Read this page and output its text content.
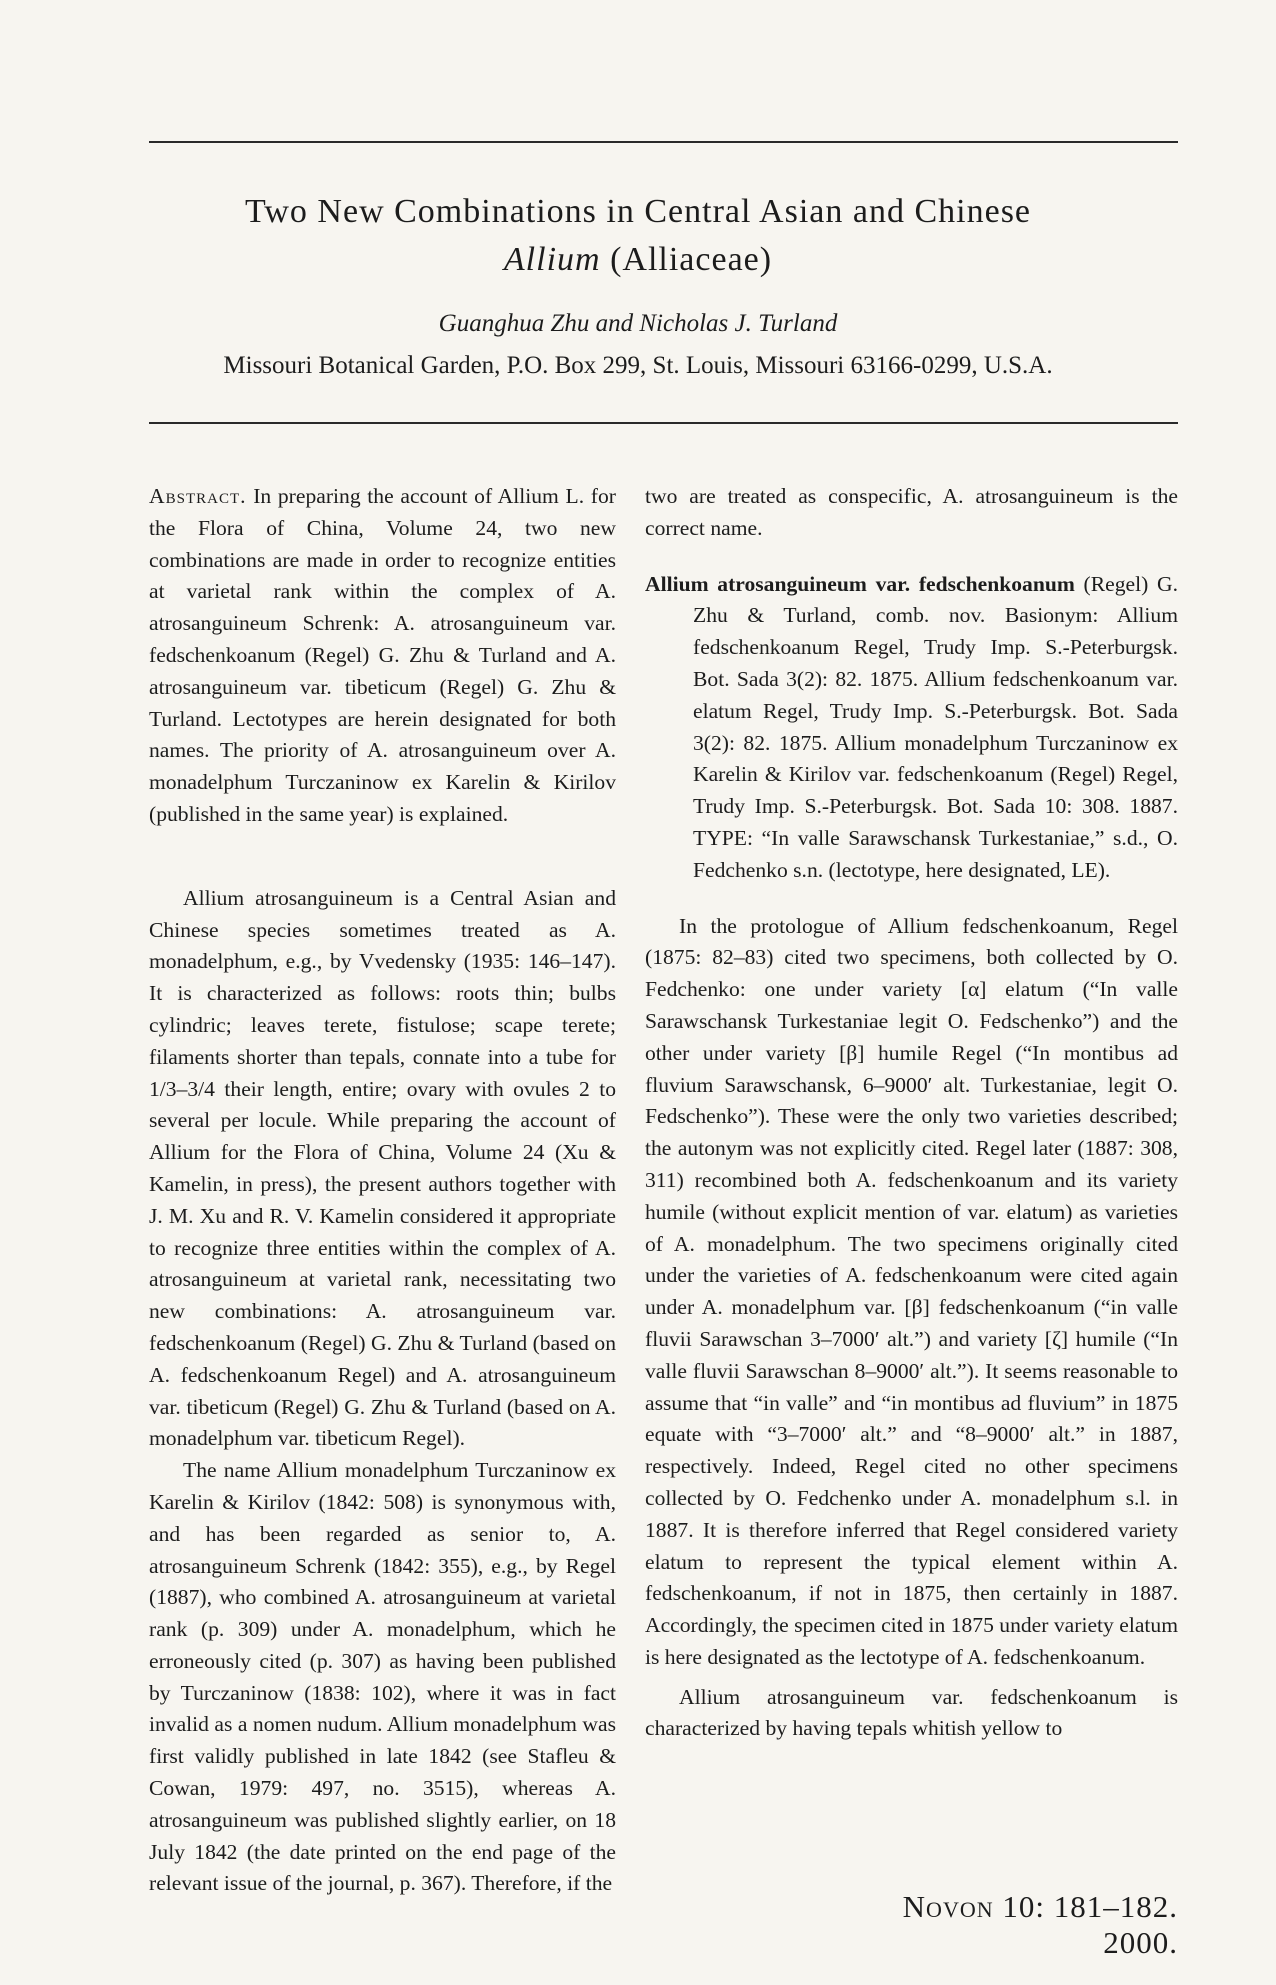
Two New Combinations in Central Asian and Chinese
Allium (Alliaceae)
Guanghua Zhu and Nicholas J. Turland
Missouri Botanical Garden, P.O. Box 299, St. Louis, Missouri 63166-0299, U.S.A.

Abstract. In preparing the account of Allium L. for the Flora of China, Volume 24, two new combinations are made in order to recognize entities at varietal rank within the complex of A. atrosanguineum Schrenk: A. atrosanguineum var. fedschenkoanum (Regel) G. Zhu & Turland and A. atrosanguineum var. tibeticum (Regel) G. Zhu & Turland. Lectotypes are herein designated for both names. The priority of A. atrosanguineum over A. monadelphum Turczaninow ex Karelin & Kirilov (published in the same year) is explained.

Allium atrosanguineum is a Central Asian and Chinese species sometimes treated as A. monadelphum, e.g., by Vvedensky (1935: 146–147). It is characterized as follows: roots thin; bulbs cylindric; leaves terete, fistulose; scape terete; filaments shorter than tepals, connate into a tube for 1/3–3/4 their length, entire; ovary with ovules 2 to several per locule. While preparing the account of Allium for the Flora of China, Volume 24 (Xu & Kamelin, in press), the present authors together with J. M. Xu and R. V. Kamelin considered it appropriate to recognize three entities within the complex of A. atrosanguineum at varietal rank, necessitating two new combinations: A. atrosanguineum var. fedschenkoanum (Regel) G. Zhu & Turland (based on A. fedschenkoanum Regel) and A. atrosanguineum var. tibeticum (Regel) G. Zhu & Turland (based on A. monadelphum var. tibeticum Regel).

The name Allium monadelphum Turczaninow ex Karelin & Kirilov (1842: 508) is synonymous with, and has been regarded as senior to, A. atrosanguineum Schrenk (1842: 355), e.g., by Regel (1887), who combined A. atrosanguineum at varietal rank (p. 309) under A. monadelphum, which he erroneously cited (p. 307) as having been published by Turczaninow (1838: 102), where it was in fact invalid as a nomen nudum. Allium monadelphum was first validly published in late 1842 (see Stafleu & Cowan, 1979: 497, no. 3515), whereas A. atrosanguineum was published slightly earlier, on 18 July 1842 (the date printed on the end page of the relevant issue of the journal, p. 367). Therefore, if the

two are treated as conspecific, A. atrosanguineum is the correct name.

Allium atrosanguineum var. fedschenkoanum (Regel) G. Zhu & Turland, comb. nov. Basionym: Allium fedschenkoanum Regel, Trudy Imp. S.-Peterburgsk. Bot. Sada 3(2): 82. 1875. Allium fedschenkoanum var. elatum Regel, Trudy Imp. S.-Peterburgsk. Bot. Sada 3(2): 82. 1875. Allium monadelphum Turczaninow ex Karelin & Kirilov var. fedschenkoanum (Regel) Regel, Trudy Imp. S.-Peterburgsk. Bot. Sada 10: 308. 1887. TYPE: “In valle Sarawschansk Turkestaniae,” s.d., O. Fedchenko s.n. (lectotype, here designated, LE).

In the protologue of Allium fedschenkoanum, Regel (1875: 82–83) cited two specimens, both collected by O. Fedchenko: one under variety [α] elatum (“In valle Sarawschansk Turkestaniae legit O. Fedschenko”) and the other under variety [β] humile Regel (“In montibus ad fluvium Sarawschansk, 6–9000′ alt. Turkestaniae, legit O. Fedschenko”). These were the only two varieties described; the autonym was not explicitly cited. Regel later (1887: 308, 311) recombined both A. fedschenkoanum and its variety humile (without explicit mention of var. elatum) as varieties of A. monadelphum. The two specimens originally cited under the varieties of A. fedschenkoanum were cited again under A. monadelphum var. [β] fedschenkoanum (“in valle fluvii Sarawschan 3–7000′ alt.”) and variety [ζ] humile (“In valle fluvii Sarawschan 8–9000′ alt.”). It seems reasonable to assume that “in valle” and “in montibus ad fluvium” in 1875 equate with “3–7000′ alt.” and “8–9000′ alt.” in 1887, respectively. Indeed, Regel cited no other specimens collected by O. Fedchenko under A. monadelphum s.l. in 1887. It is therefore inferred that Regel considered variety elatum to represent the typical element within A. fedschenkoanum, if not in 1875, then certainly in 1887. Accordingly, the specimen cited in 1875 under variety elatum is here designated as the lectotype of A. fedschenkoanum.

Allium atrosanguineum var. fedschenkoanum is characterized by having tepals whitish yellow to

Novon 10: 181–182. 2000.
